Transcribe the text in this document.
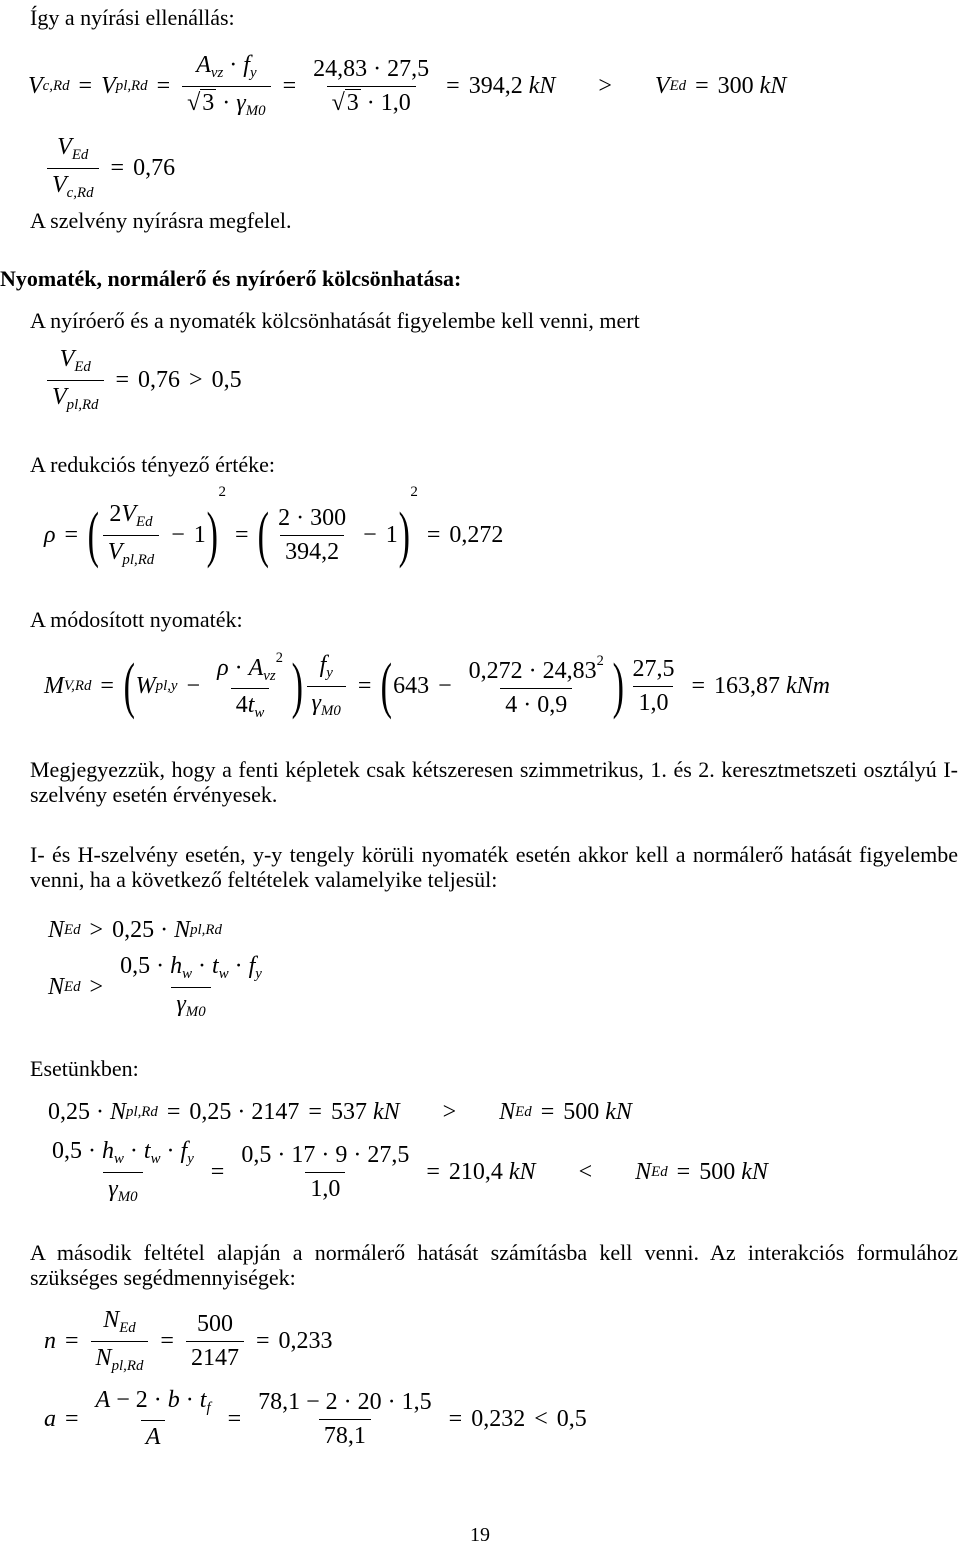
Így a nyírási ellenállás:
V c,Rd = V $pl,Rd = \frac{A_{vz} \cdot f_y}{√3 \cdot \gamma_{M0}} = \frac{24,83 \cdot 27,5}{√3 \cdot 1,0} = 394,2$
kN > V Ed = 300
kN
$\frac{V_{Ed}}{V_{c,Rd}} = 0,76$
A szelvény nyírásra megfelel.
Nyomaték, normálerő és nyíróerő kölcsönhatása:
A nyíróerő és a nyomaték kölcsönhatását figyelembe kell venni, mert
$\frac{V_{Ed}}{V_{pl,Rd}} = 0,76 > 0,5$
A redukciós tényező értéke:
ρ = ( $\frac{2V_{Ed}}{V_{pl,Rd}} - 1$ )
2
= ( $\frac{2 \cdot 300}{394,2} - 1$ )
2
= 0,272
A módosított nyomaték:
M V,Rd = ( W $pl,y - \frac{\rho \cdot A_{vz}^2}{4t_w}$ ) $\frac{f_y}{\gamma_{M0}}$ = ( $643 - \frac{0,272 \cdot 24,83^2}{4 \cdot 0,9}$ ) $\frac{27,5}{1,0} = 163,87$
kNm
Megjegyezzük, hogy a fenti képletek csak kétszeresen szimmetrikus, 1. és 2. keresztmetszeti osztályú I-szelvény esetén érvényesek.
I- és H-szelvény esetén, y-y tengely körüli nyomaték esetén akkor kell a normálerő hatását figyelembe venni, ha a következő feltételek valamelyike teljesül:
N Ed > 0,25 · N pl,Rd
N $Ed > \frac{0,5 \cdot h_w \cdot t_w \cdot f_y}{\gamma_{M0}}$
Esetünkben:
0,25 · N pl,Rd = 0,25 · 2147 = 537
kN > N Ed = 500
kN
$\frac{0,5 \cdot h_w \cdot t_w \cdot f_y}{\gamma_{M0}} = \frac{0,5 \cdot 17 \cdot 9 \cdot 27,5}{1,0} = 210,4$
kN < N Ed = 500
kN
A második feltétel alapján a normálerő hatását számításba kell venni. Az interakciós formulához szükséges segédmennyiségek:
$n = \frac{N_{Ed}}{N_{pl,Rd}} = \frac{500}{2147} = 0,233$
$a = \frac{A - 2 \cdot b \cdot t_f}{A} = \frac{78,1 - 2 \cdot 20 \cdot 1,5}{78,1} = 0,232 < 0,5$
19
